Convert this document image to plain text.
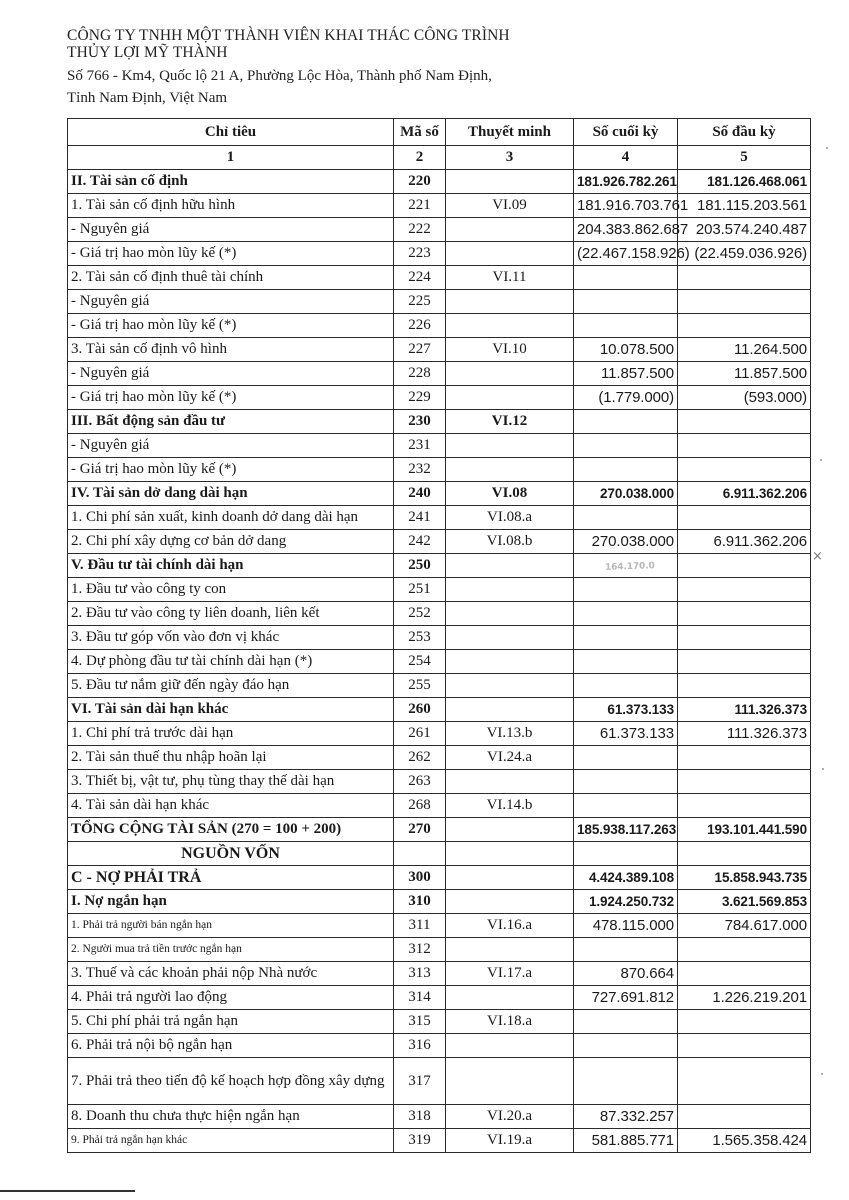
CÔNG TY TNHH MỘT THÀNH VIÊN KHAI THÁC CÔNG TRÌNH
THỦY LỢI MỸ THÀNH
Số 766 - Km4, Quốc lộ 21 A, Phường Lộc Hòa, Thành phố Nam Định,
Tỉnh Nam Định, Việt Nam
Chỉ tiêu	Mã số	Thuyết minh	Số cuối kỳ	Số đầu kỳ
1	2	3	4	5
II. Tài sản cố định	220		181.926.782.261	181.126.468.061
1. Tài sản cố định hữu hình	221	VI.09	181.916.703.761	181.115.203.561
- Nguyên giá	222		204.383.862.687	203.574.240.487
- Giá trị hao mòn lũy kế (*)	223		(22.467.158.926)	(22.459.036.926)
2. Tài sản cố định thuê tài chính	224	VI.11		
- Nguyên giá	225			
- Giá trị hao mòn lũy kế (*)	226			
3. Tài sản cố định vô hình	227	VI.10	10.078.500	11.264.500
- Nguyên giá	228		11.857.500	11.857.500
- Giá trị hao mòn lũy kế (*)	229		(1.779.000)	(593.000)
III. Bất động sản đầu tư	230	VI.12		
- Nguyên giá	231			
- Giá trị hao mòn lũy kế (*)	232			
IV. Tài sản dở dang dài hạn	240	VI.08	270.038.000	6.911.362.206
1. Chi phí sản xuất, kinh doanh dở dang dài hạn	241	VI.08.a		
2. Chi phí xây dựng cơ bản dở dang	242	VI.08.b	270.038.000	6.911.362.206
V. Đầu tư tài chính dài hạn	250		164.170.0	
1. Đầu tư vào công ty con	251			
2. Đầu tư vào công ty liên doanh, liên kết	252			
3. Đầu tư góp vốn vào đơn vị khác	253			
4. Dự phòng đầu tư tài chính dài hạn (*)	254			
5. Đầu tư nắm giữ đến ngày đáo hạn	255			
VI. Tài sản dài hạn khác	260		61.373.133	111.326.373
1. Chi phí trả trước dài hạn	261	VI.13.b	61.373.133	111.326.373
2. Tài sản thuế thu nhập hoãn lại	262	VI.24.a		
3. Thiết bị, vật tư, phụ tùng thay thế dài hạn	263			
4. Tài sản dài hạn khác	268	VI.14.b		
TỔNG CỘNG TÀI SẢN (270 = 100 + 200)	270		185.938.117.263	193.101.441.590
NGUỒN VỐN				
C - NỢ PHẢI TRẢ	300		4.424.389.108	15.858.943.735
I. Nợ ngắn hạn	310		1.924.250.732	3.621.569.853
1. Phải trả người bán ngắn hạn	311	VI.16.a	478.115.000	784.617.000
2. Người mua trả tiền trước ngắn hạn	312			
3. Thuế và các khoản phải nộp Nhà nước	313	VI.17.a	870.664	
4. Phải trả người lao động	314		727.691.812	1.226.219.201
5. Chi phí phải trả ngắn hạn	315	VI.18.a		
6. Phải trả nội bộ ngắn hạn	316			
7. Phải trả theo tiến độ kế hoạch hợp đồng xây dựng	317			
8. Doanh thu chưa thực hiện ngắn hạn	318	VI.20.a	87.332.257	
9. Phải trả ngắn hạn khác	319	VI.19.a	581.885.771	1.565.358.424
×
